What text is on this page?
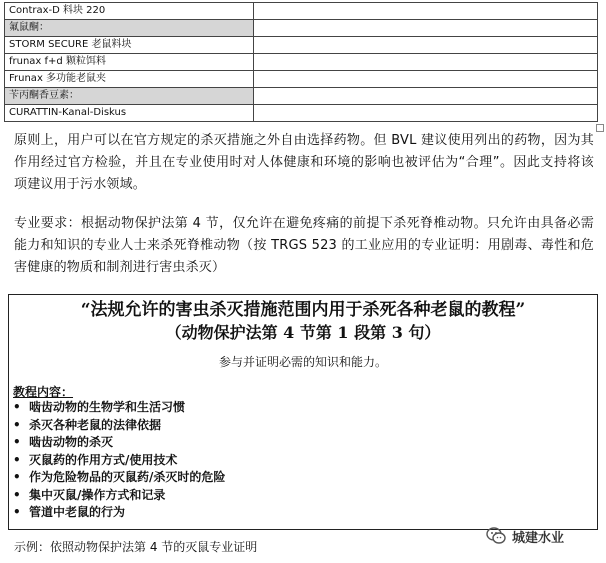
Contrax-D 料块 220	
氟鼠酮：	
STORM SECURE 老鼠料块	
frunax f+d 颗粒饵料	
Frunax 多功能老鼠夹	
苄丙酮香豆素：	
CURATTIN-Kanal-Diskus	
原则上，用户可以在官方规定的杀灭措施之外自由选择药物。但 BVL 建议使用列出的药物，因为其作用经过官方检验，并且在专业使用时对人体健康和环境的影响也被评估为“合理”。因此支持将该项建议用于污水领域。
专业要求：根据动物保护法第 4 节，仅允许在避免疼痛的前提下杀死脊椎动物。只允许由具备必需能力和知识的专业人士来杀死脊椎动物（按 TRGS 523 的工业应用的专业证明：用剧毒、毒性和危害健康的物质和制剂进行害虫杀灭）
“法规允许的害虫杀灭措施范围内用于杀死各种老鼠的教程”
（动物保护法第 4 节第 1 段第 3 句）
参与并证明必需的知识和能力。
教程内容：
• 啮齿动物的生物学和生活习惯
• 杀灭各种老鼠的法律依据
• 啮齿动物的杀灭
• 灭鼠药的作用方式/使用技术
• 作为危险物品的灭鼠药/杀灭时的危险
• 集中灭鼠/操作方式和记录
• 管道中老鼠的行为
示例：依照动物保护法第 4 节的灭鼠专业证明
城建水业
